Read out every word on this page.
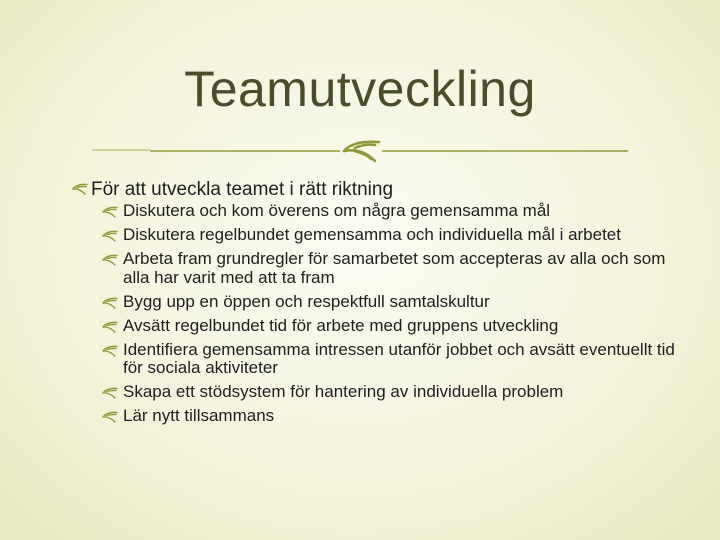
Teamutveckling
För att utveckla teamet i rätt riktning
Diskutera och kom överens om några gemensamma mål
Diskutera regelbundet gemensamma och individuella mål i arbetet
Arbeta fram grundregler för samarbetet som accepteras av alla och som alla har varit med att ta fram
Bygg upp en öppen och respektfull samtalskultur
Avsätt regelbundet tid för arbete med gruppens utveckling
Identifiera gemensamma intressen utanför jobbet och avsätt eventuellt tid för sociala aktiviteter
Skapa ett stödsystem för hantering av individuella problem
Lär nytt tillsammans
